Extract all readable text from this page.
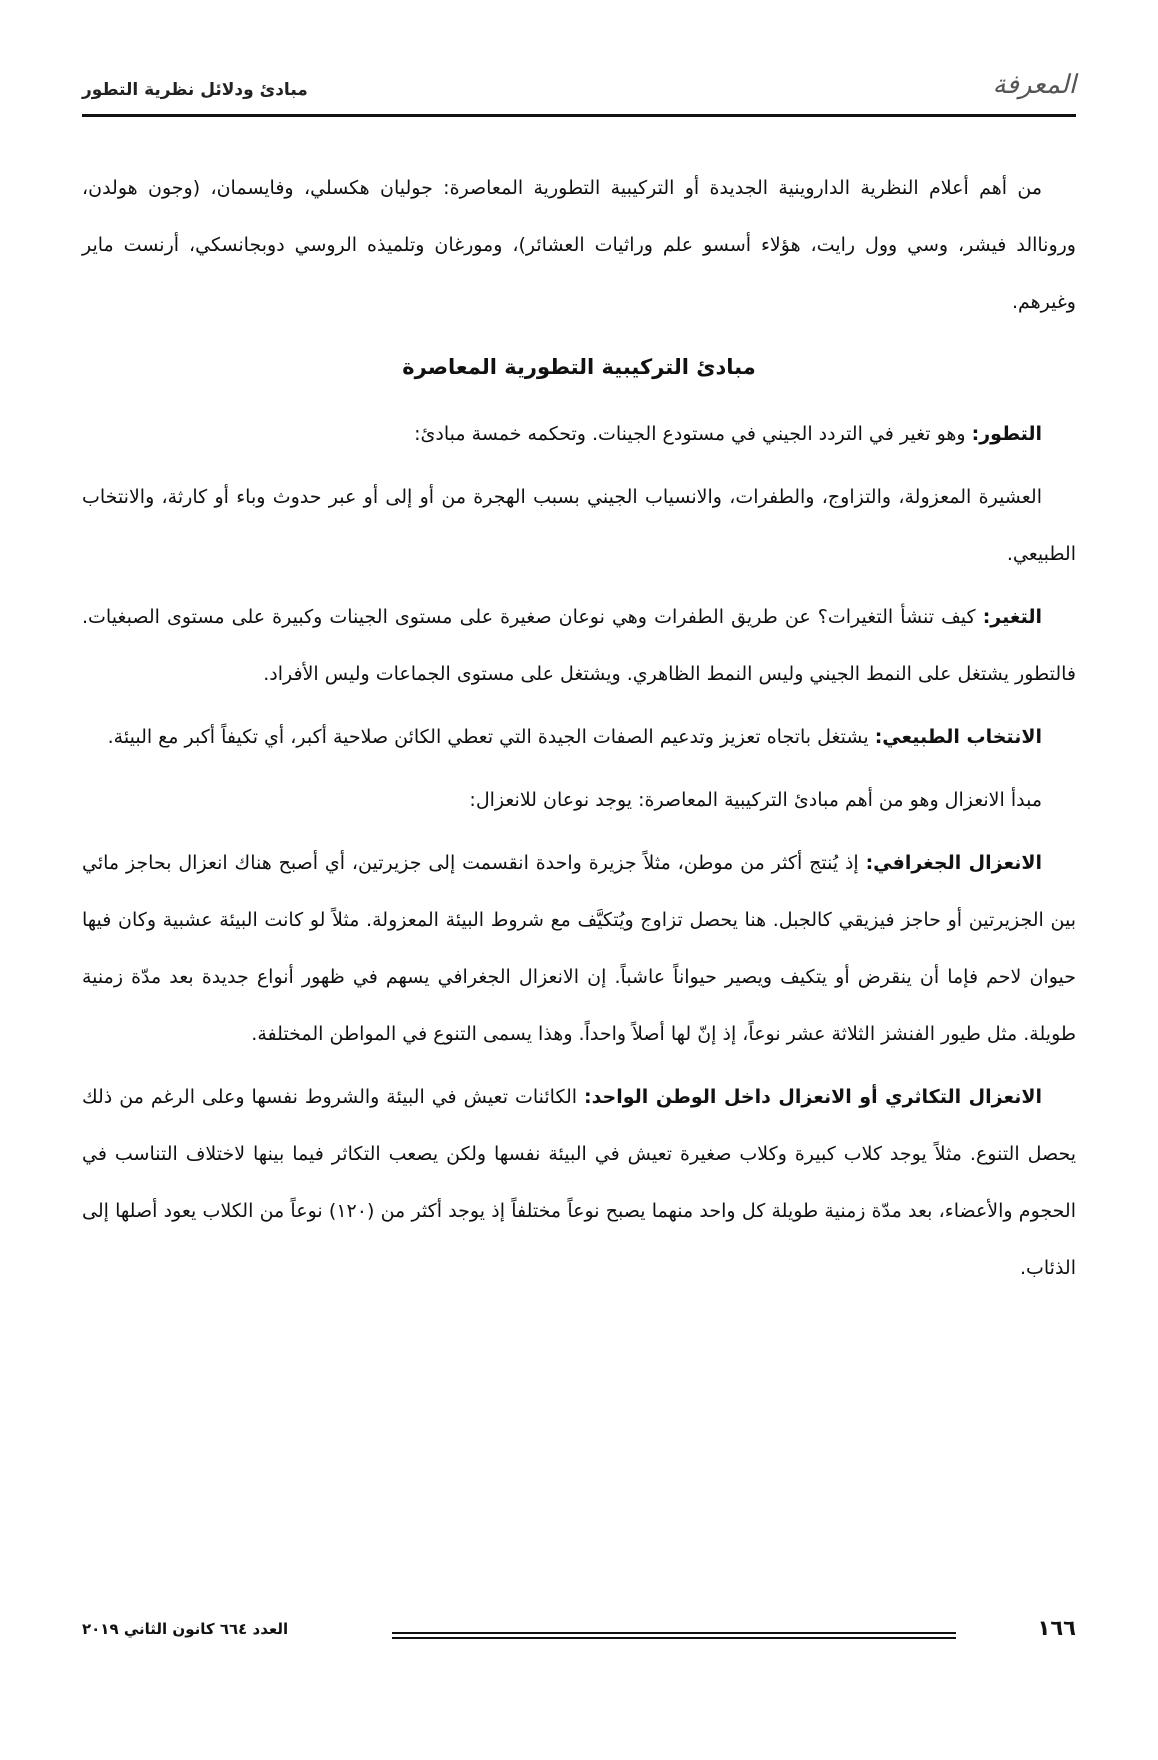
المعرفة
مبادئ ودلائل نظرية التطور

من أهم أعلام النظرية الداروينية الجديدة أو التركيبية التطورية المعاصرة: جوليان هكسلي، وفايسمان، (وجون هولدن، وروناالد فيشر، وسي وول رايت، هؤلاء أسسو علم وراثيات العشائر)، ومورغان وتلميذه الروسي دوبجانسكي، أرنست ماير وغيرهم.

مبادئ التركيبية التطورية المعاصرة

التطور: وهو تغير في التردد الجيني في مستودع الجينات. وتحكمه خمسة مبادئ:

العشيرة المعزولة، والتزاوج، والطفرات، والانسياب الجيني بسبب الهجرة من أو إلى أو عبر حدوث وباء أو كارثة، والانتخاب الطبيعي.

التغير: كيف تنشأ التغيرات؟ عن طريق الطفرات وهي نوعان صغيرة على مستوى الجينات وكبيرة على مستوى الصبغيات. فالتطور يشتغل على النمط الجيني وليس النمط الظاهري. ويشتغل على مستوى الجماعات وليس الأفراد.

الانتخاب الطبيعي: يشتغل باتجاه تعزيز وتدعيم الصفات الجيدة التي تعطي الكائن صلاحية أكبر، أي تكيفاً أكبر مع البيئة.

مبدأ الانعزال وهو من أهم مبادئ التركيبية المعاصرة: يوجد نوعان للانعزال:

الانعزال الجغرافي: إذ يُنتج أكثر من موطن، مثلاً جزيرة واحدة انقسمت إلى جزيرتين، أي أصبح هناك انعزال بحاجز مائي بين الجزيرتين أو حاجز فيزيقي كالجبل. هنا يحصل تزاوج ويُتكيَّف مع شروط البيئة المعزولة. مثلاً لو كانت البيئة عشبية وكان فيها حيوان لاحم فإما أن ينقرض أو يتكيف ويصير حيواناً عاشباً. إن الانعزال الجغرافي يسهم في ظهور أنواع جديدة بعد مدّة زمنية طويلة. مثل طيور الفنشز الثلاثة عشر نوعاً، إذ إنّ لها أصلاً واحداً. وهذا يسمى التنوع في المواطن المختلفة.

الانعزال التكاثري أو الانعزال داخل الوطن الواحد: الكائنات تعيش في البيئة والشروط نفسها وعلى الرغم من ذلك يحصل التنوع. مثلاً يوجد كلاب كبيرة وكلاب صغيرة تعيش في البيئة نفسها ولكن يصعب التكاثر فيما بينها لاختلاف التناسب في الحجوم والأعضاء، بعد مدّة زمنية طويلة كل واحد منهما يصبح نوعاً مختلفاً إذ يوجد أكثر من (١٢٠) نوعاً من الكلاب يعود أصلها إلى الذئاب.

١٦٦
العدد ٦٦٤ كانون الثاني ٢٠١٩
